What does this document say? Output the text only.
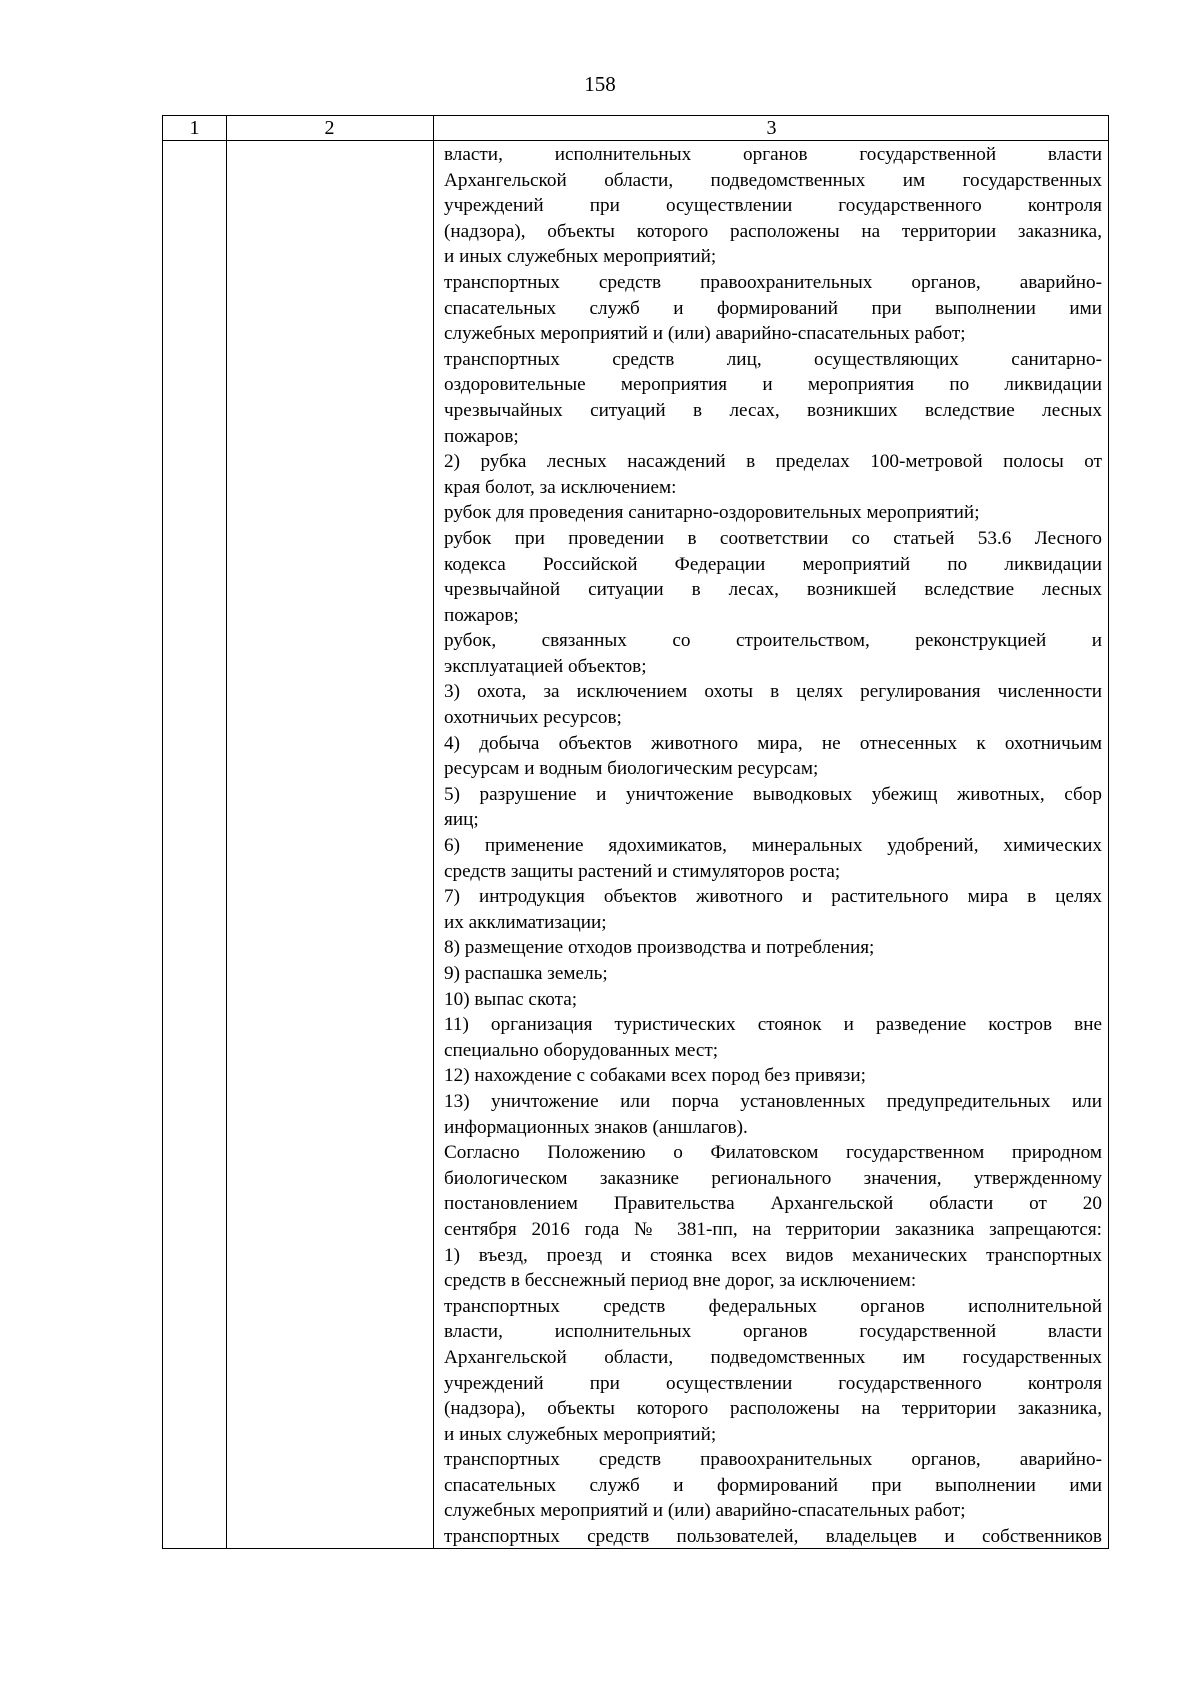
158
1	2	3
власти, исполнительных органов государственной власти
Архангельской области, подведомственных им государственных
учреждений при осуществлении государственного контроля
(надзора), объекты которого расположены на территории заказника,
и иных служебных мероприятий;
транспортных средств правоохранительных органов, аварийно-
спасательных служб и формирований при выполнении ими
служебных мероприятий и (или) аварийно-спасательных работ;
транспортных средств лиц, осуществляющих санитарно-
оздоровительные мероприятия и мероприятия по ликвидации
чрезвычайных ситуаций в лесах, возникших вследствие лесных
пожаров;
2) рубка лесных насаждений в пределах 100-метровой полосы от
края болот, за исключением:
рубок для проведения санитарно-оздоровительных мероприятий;
рубок при проведении в соответствии со статьей 53.6 Лесного
кодекса Российской Федерации мероприятий по ликвидации
чрезвычайной ситуации в лесах, возникшей вследствие лесных
пожаров;
рубок, связанных со строительством, реконструкцией и
эксплуатацией объектов;
3) охота, за исключением охоты в целях регулирования численности
охотничьих ресурсов;
4) добыча объектов животного мира, не отнесенных к охотничьим
ресурсам и водным биологическим ресурсам;
5) разрушение и уничтожение выводковых убежищ животных, сбор
яиц;
6) применение ядохимикатов, минеральных удобрений, химических
средств защиты растений и стимуляторов роста;
7) интродукция объектов животного и растительного мира в целях
их акклиматизации;
8) размещение отходов производства и потребления;
9) распашка земель;
10) выпас скота;
11) организация туристических стоянок и разведение костров вне
специально оборудованных мест;
12) нахождение с собаками всех пород без привязи;
13) уничтожение или порча установленных предупредительных или
информационных знаков (аншлагов).
Согласно Положению о Филатовском государственном природном
биологическом заказнике регионального значения, утвержденному
постановлением Правительства Архангельской области от 20
сентября 2016 года № 381-пп, на территории заказника запрещаются:
1) въезд, проезд и стоянка всех видов механических транспортных
средств в бесснежный период вне дорог, за исключением:
транспортных средств федеральных органов исполнительной
власти, исполнительных органов государственной власти
Архангельской области, подведомственных им государственных
учреждений при осуществлении государственного контроля
(надзора), объекты которого расположены на территории заказника,
и иных служебных мероприятий;
транспортных средств правоохранительных органов, аварийно-
спасательных служб и формирований при выполнении ими
служебных мероприятий и (или) аварийно-спасательных работ;
транспортных средств пользователей, владельцев и собственников
